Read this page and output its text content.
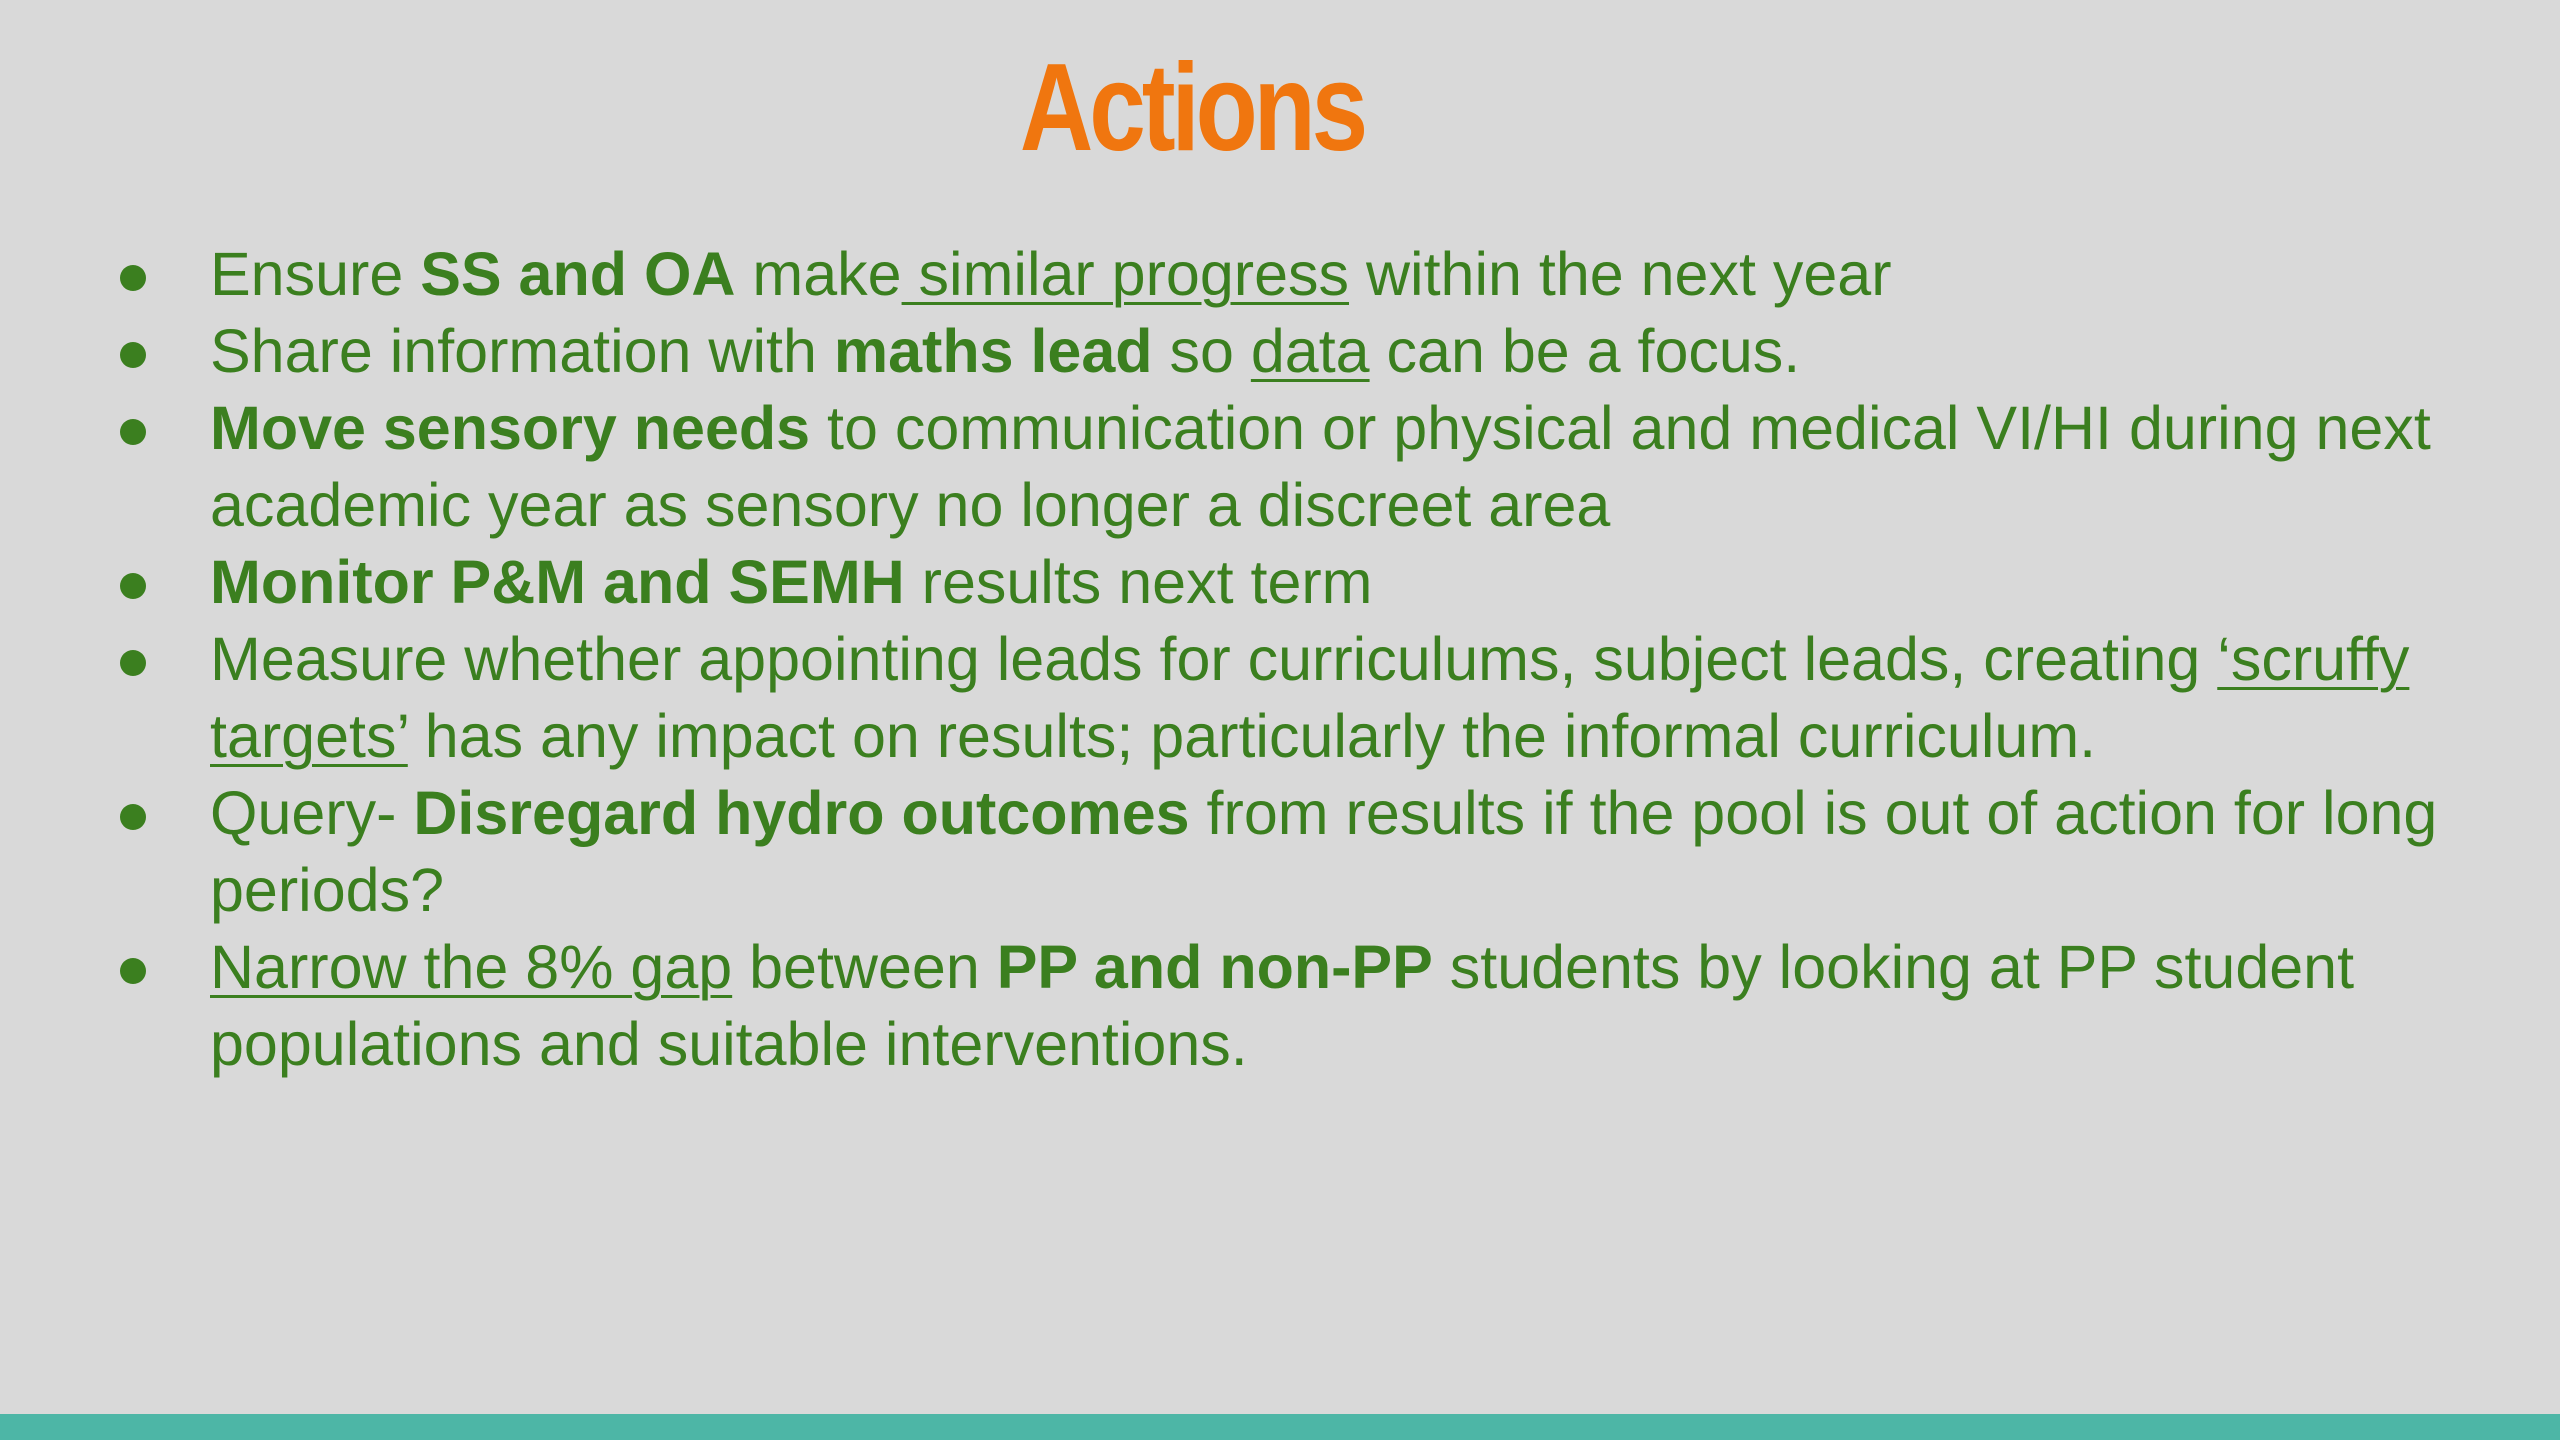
Actions
Ensure SS and OA make similar progress within the next year
Share information with maths lead so data can be a focus.
Move sensory needs to communication or physical and medical VI/HI during next academic year as sensory no longer a discreet area
Monitor P&M and SEMH results next term
Measure whether appointing leads for curriculums, subject leads, creating ‘scruffy targets’ has any impact on results; particularly the informal curriculum.
Query- Disregard hydro outcomes from results if the pool is out of action for long periods?
Narrow the 8% gap between PP and non-PP students by looking at PP student populations and suitable interventions.
